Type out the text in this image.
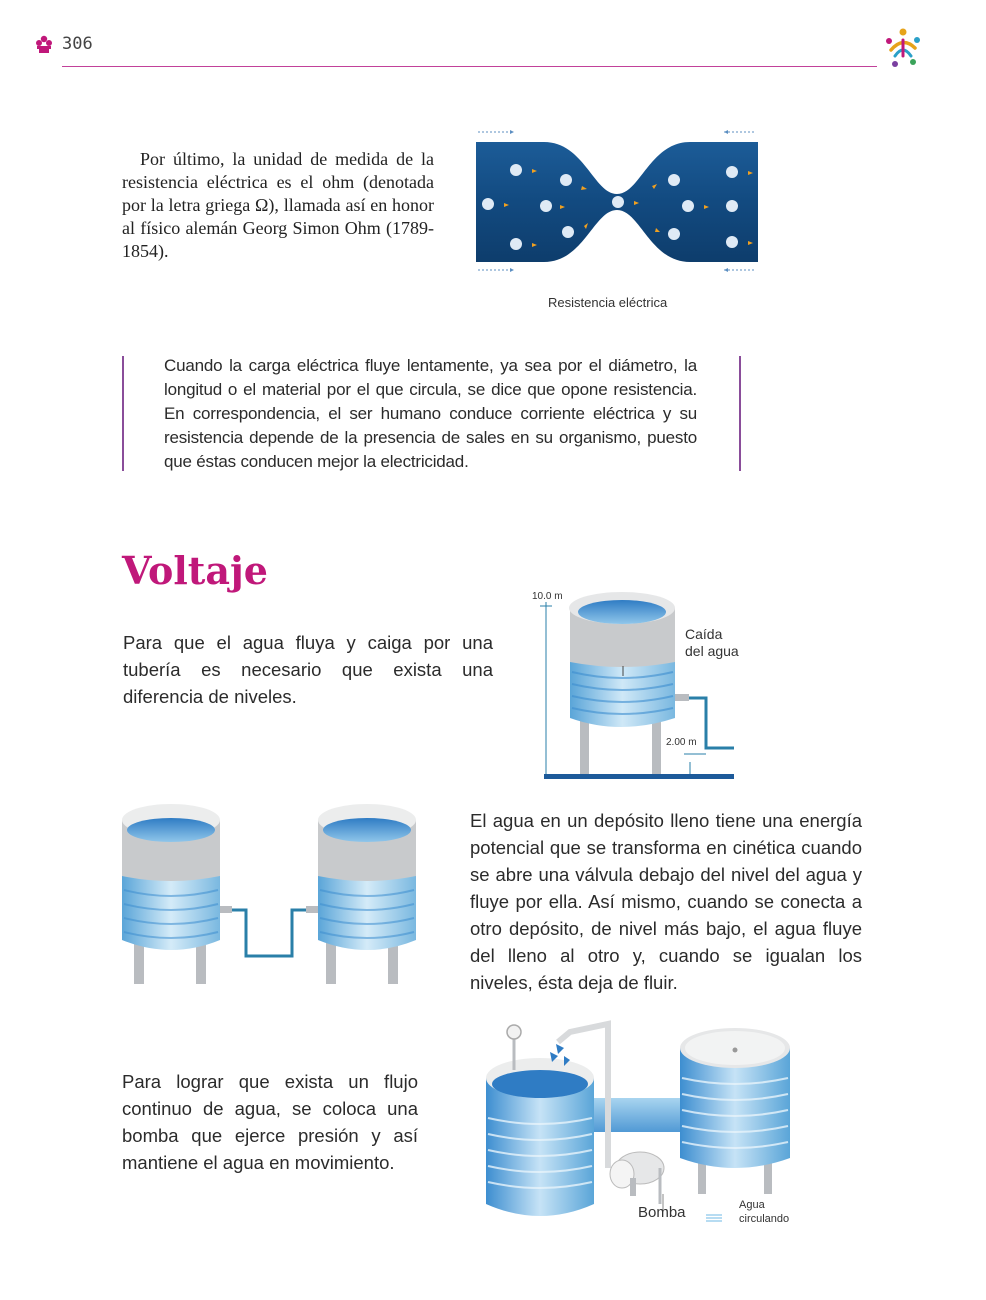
306
Por último, la unidad de medida de la resistencia eléctrica es el ohm (denotada por la letra griega Ω), llamada así en honor al físico alemán Georg Simon Ohm (1789-1854).
Resistencia eléctrica
Cuando la carga eléctrica fluye lentamente, ya sea por el diámetro, la longitud o el material por el que circula, se dice que opone resistencia. En correspondencia, el ser humano conduce corriente eléctrica y su resistencia depende de la presencia de sales en su organismo, puesto que éstas conducen mejor la electricidad.
Voltaje
Para que el agua fluya y caiga por una tubería es necesario que exista una diferencia de niveles.
10.0 m
2.00 m
Caída
del agua
El agua en un depósito lleno tiene una energía potencial que se transforma en cinética cuando se abre una válvula debajo del nivel del agua y fluye por ella. Así mismo, cuando se conecta a otro depósito, de nivel más bajo, el agua fluye del lleno al otro y, cuando se igualan los niveles, ésta deja de fluir.
Para lograr que exista un flujo continuo de agua, se coloca una bomba que ejerce presión y así mantiene el agua en movimiento.
Bomba	Agua
circulando
